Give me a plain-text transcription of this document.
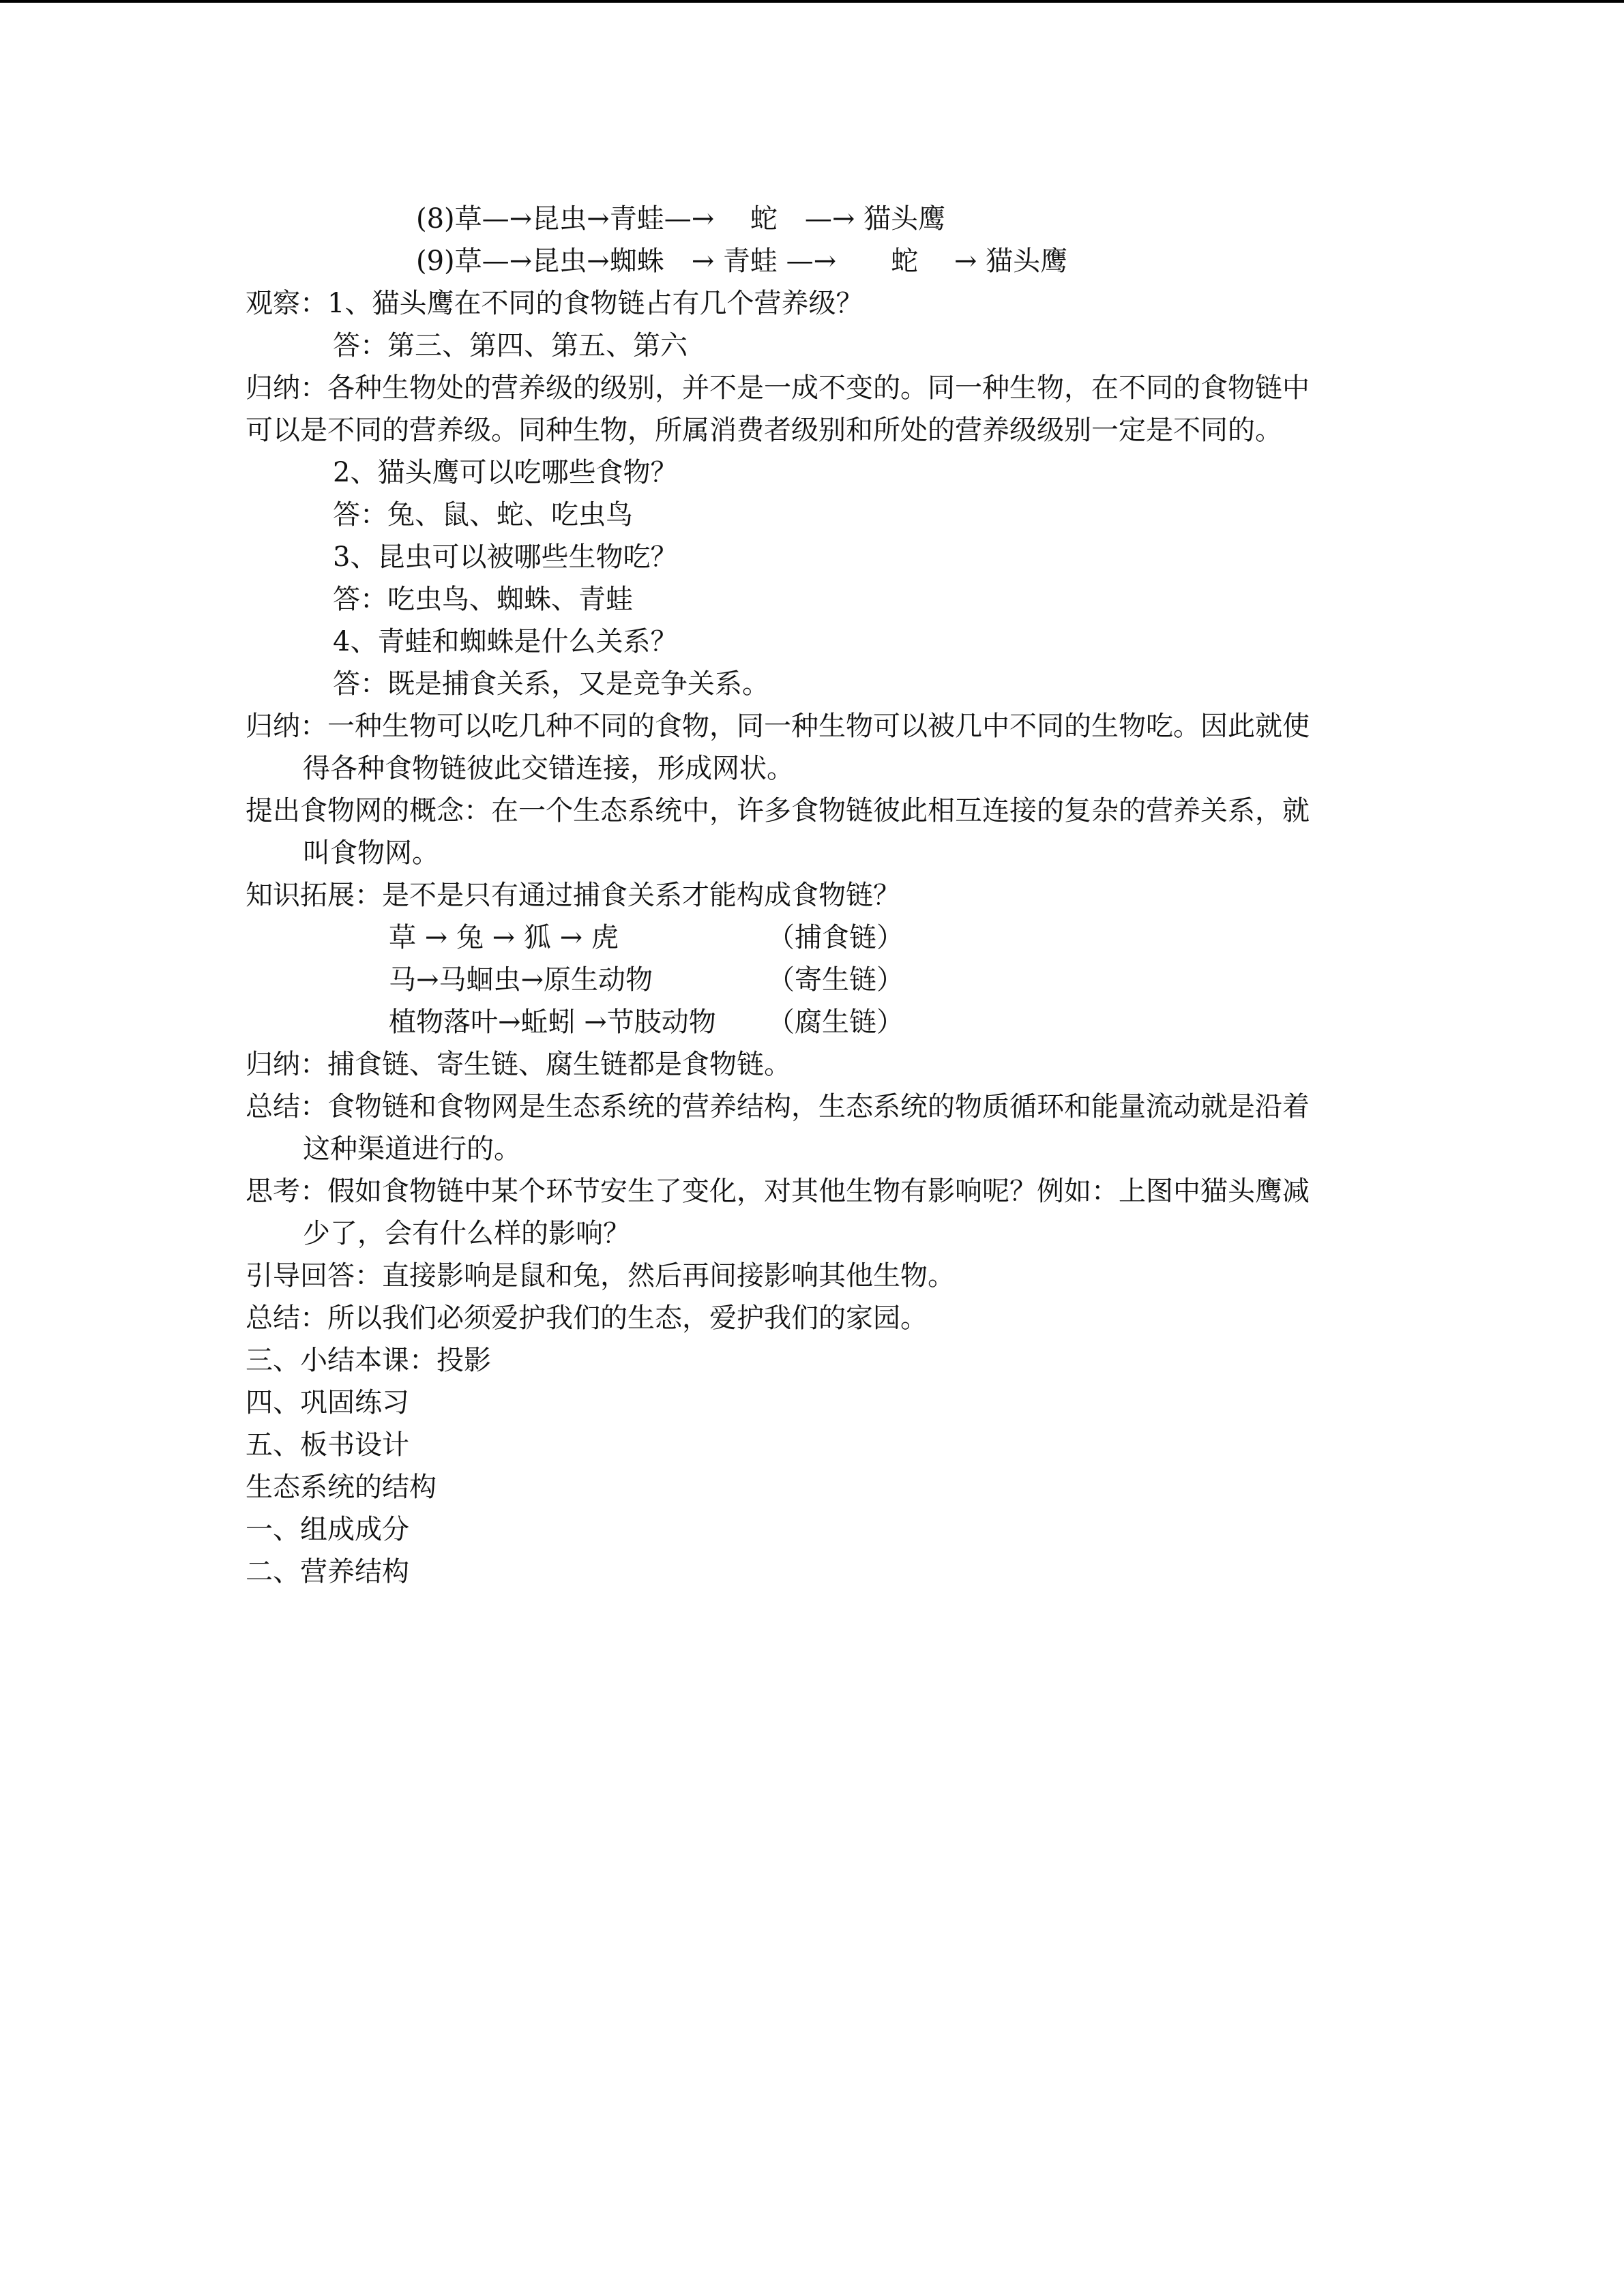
(8)草—→昆虫→青蛙—→　 蛇　—→ 猫头鹰
(9)草—→昆虫→蜘蛛　→ 青蛙 —→　　蛇　 → 猫头鹰
观察：1、猫头鹰在不同的食物链占有几个营养级？
答：第三、第四、第五、第六
归纳：各种生物处的营养级的级别，并不是一成不变的。同一种生物，在不同的食物链中
可以是不同的营养级。同种生物，所属消费者级别和所处的营养级级别一定是不同的。
2、猫头鹰可以吃哪些食物？
答：兔、鼠、蛇、吃虫鸟
3、昆虫可以被哪些生物吃？
答：吃虫鸟、蜘蛛、青蛙
4、青蛙和蜘蛛是什么关系？
答：既是捕食关系，又是竞争关系。
归纳：一种生物可以吃几种不同的食物，同一种生物可以被几中不同的生物吃。因此就使
得各种食物链彼此交错连接，形成网状。
提出食物网的概念：在一个生态系统中，许多食物链彼此相互连接的复杂的营养关系，就
叫食物网。
知识拓展：是不是只有通过捕食关系才能构成食物链？
草 → 兔 → 狐 → 虎	（捕食链）
马→马蛔虫→原生动物	（寄生链）
植物落叶→蚯蚓 →节肢动物 （腐生链）
归纳：捕食链、寄生链、腐生链都是食物链。
总结：食物链和食物网是生态系统的营养结构，生态系统的物质循环和能量流动就是沿着
这种渠道进行的。
思考：假如食物链中某个环节安生了变化，对其他生物有影响呢？例如：上图中猫头鹰减
少了，会有什么样的影响？
引导回答：直接影响是鼠和兔，然后再间接影响其他生物。
总结：所以我们必须爱护我们的生态，爱护我们的家园。
三、小结本课：投影
四、巩固练习
五、板书设计
生态系统的结构
一、组成成分
二、营养结构
